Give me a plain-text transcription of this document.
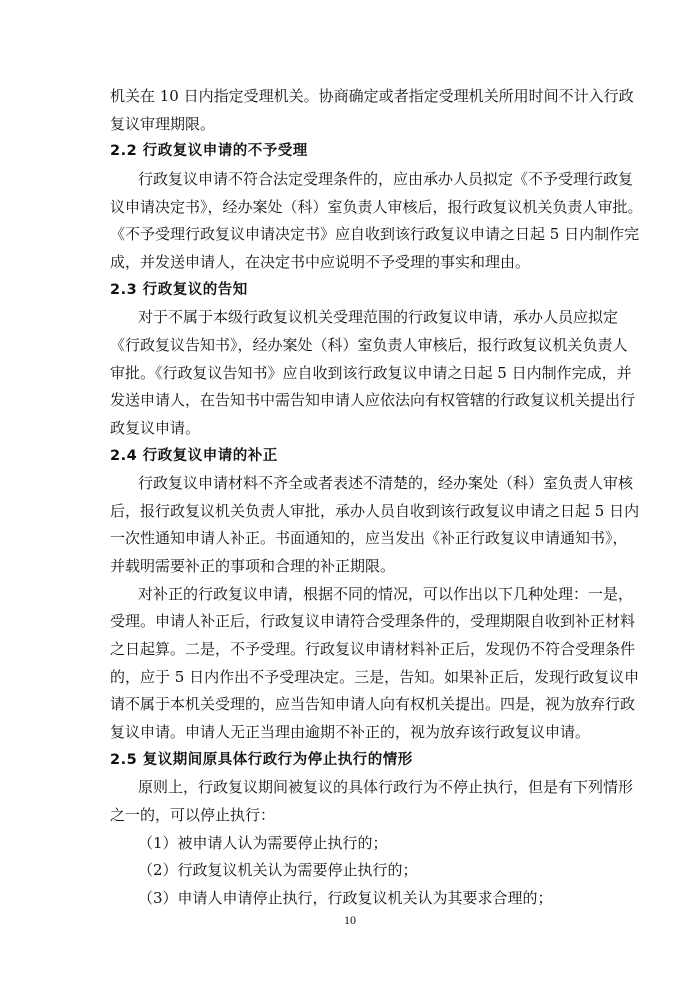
机关在 10 日内指定受理机关。协商确定或者指定受理机关所用时间不计入行政
复议审理期限。
2.2 行政复议申请的不予受理
行政复议申请不符合法定受理条件的，应由承办人员拟定《不予受理行政复
议申请决定书》，经办案处（科）室负责人审核后，报行政复议机关负责人审批。
《不予受理行政复议申请决定书》应自收到该行政复议申请之日起 5 日内制作完
成，并发送申请人，在决定书中应说明不予受理的事实和理由。
2.3 行政复议的告知
对于不属于本级行政复议机关受理范围的行政复议申请，承办人员应拟定
《行政复议告知书》，经办案处（科）室负责人审核后，报行政复议机关负责人
审批。《行政复议告知书》应自收到该行政复议申请之日起 5 日内制作完成，并
发送申请人，在告知书中需告知申请人应依法向有权管辖的行政复议机关提出行
政复议申请。
2.4 行政复议申请的补正
行政复议申请材料不齐全或者表述不清楚的，经办案处（科）室负责人审核
后，报行政复议机关负责人审批，承办人员自收到该行政复议申请之日起 5 日内
一次性通知申请人补正。书面通知的，应当发出《补正行政复议申请通知书》，
并载明需要补正的事项和合理的补正期限。
对补正的行政复议申请，根据不同的情况，可以作出以下几种处理：一是，
受理。申请人补正后，行政复议申请符合受理条件的，受理期限自收到补正材料
之日起算。二是，不予受理。行政复议申请材料补正后，发现仍不符合受理条件
的，应于 5 日内作出不予受理决定。三是，告知。如果补正后，发现行政复议申
请不属于本机关受理的，应当告知申请人向有权机关提出。四是，视为放弃行政
复议申请。申请人无正当理由逾期不补正的，视为放弃该行政复议申请。
2.5 复议期间原具体行政行为停止执行的情形
原则上，行政复议期间被复议的具体行政行为不停止执行，但是有下列情形
之一的，可以停止执行：
（1）被申请人认为需要停止执行的；
（2）行政复议机关认为需要停止执行的；
（3）申请人申请停止执行，行政复议机关认为其要求合理的；
10
